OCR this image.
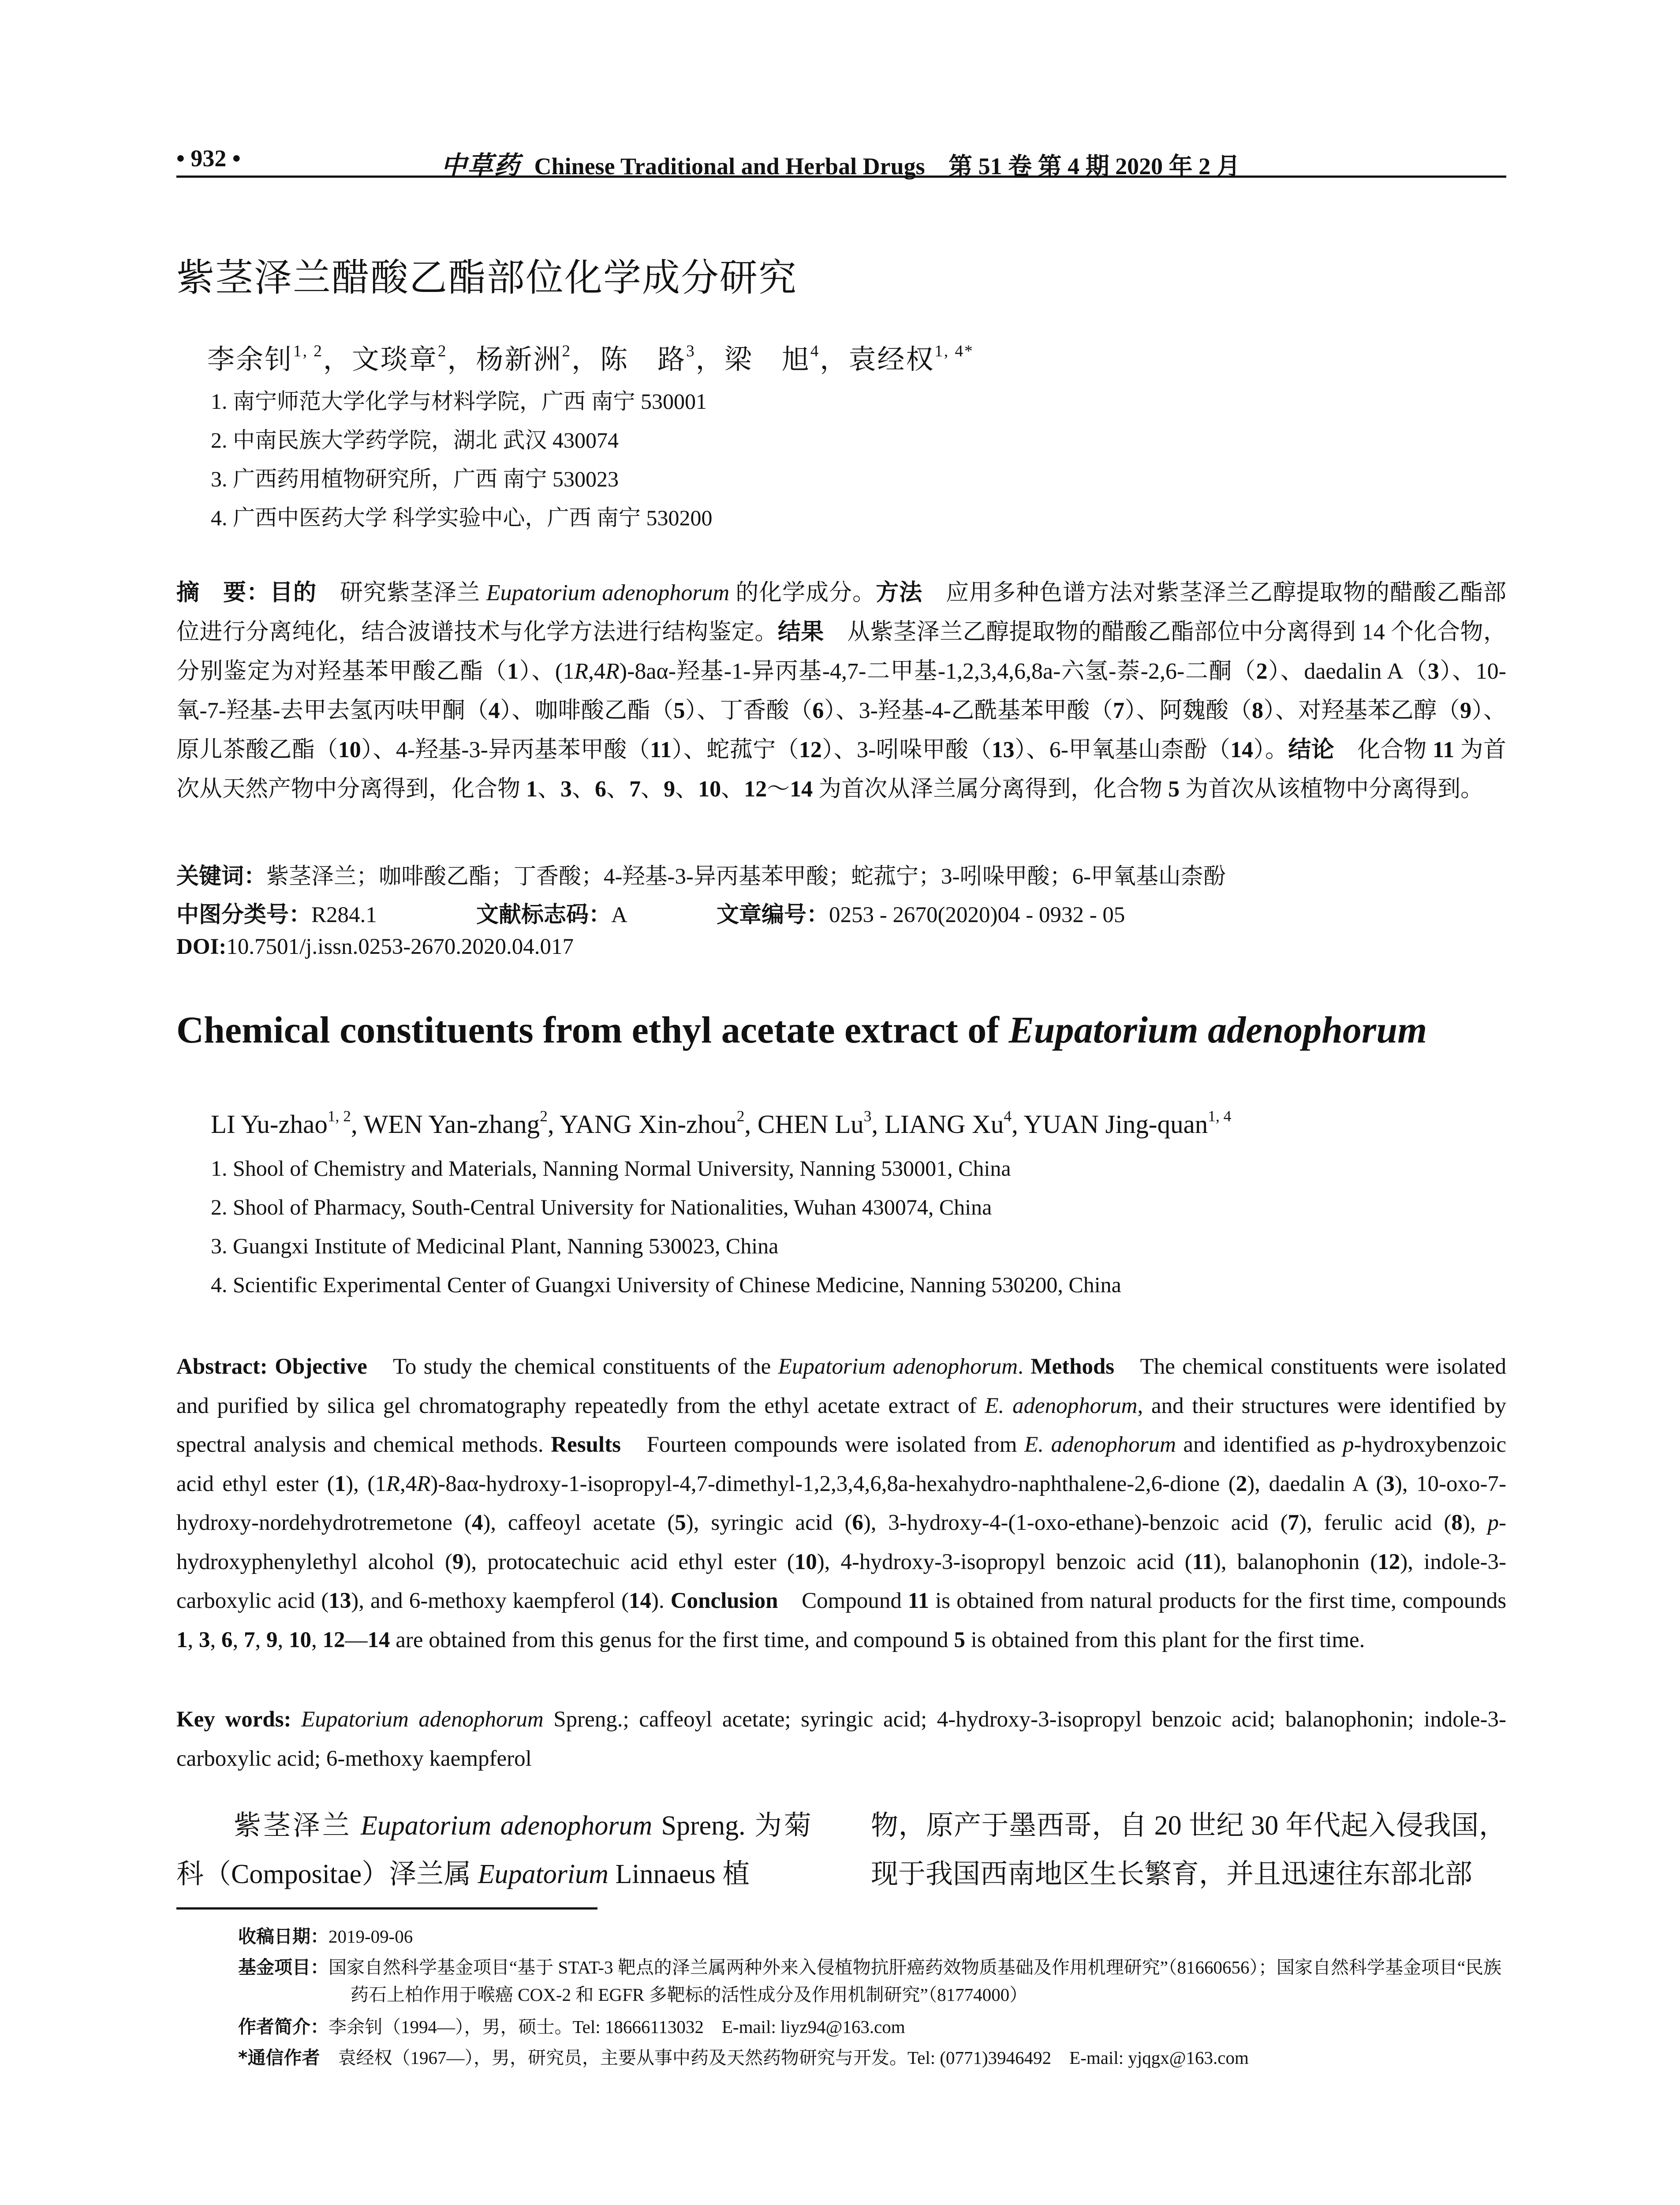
• 932 •	中草药 Chinese Traditional and Herbal Drugs 第 51 卷 第 4 期 2020 年 2 月
紫茎泽兰醋酸乙酯部位化学成分研究
李余钊$^{1, 2}$，文琰章$^2$，杨新洲$^2$，陈　路$^3$，梁　旭$^4$，袁经权$^{1, 4*}$
1. 南宁师范大学化学与材料学院，广西 南宁 530001
2. 中南民族大学药学院，湖北 武汉 430074
3. 广西药用植物研究所，广西 南宁 530023
4. 广西中医药大学 科学实验中心，广西 南宁 530200
摘　要：目的　研究紫茎泽兰 Eupatorium adenophorum 的化学成分。方法　应用多种色谱方法对紫茎泽兰乙醇提取物的醋酸乙酯部位进行分离纯化，结合波谱技术与化学方法进行结构鉴定。结果　从紫茎泽兰乙醇提取物的醋酸乙酯部位中分离得到 14 个化合物，分别鉴定为对羟基苯甲酸乙酯（1）、(1R,4R)-8aα-羟基-1-异丙基-4,7-二甲基-1,2,3,4,6,8a-六氢-萘-2,6-二酮（2）、daedalin A（3）、10-氧-7-羟基-去甲去氢丙呋甲酮（4）、咖啡酸乙酯（5）、丁香酸（6）、3-羟基-4-乙酰基苯甲酸（7）、阿魏酸（8）、对羟基苯乙醇（9）、原儿茶酸乙酯（10）、4-羟基-3-异丙基苯甲酸（11）、蛇菰宁（12）、3-吲哚甲酸（13）、6-甲氧基山柰酚（14）。结论　化合物 11 为首次从天然产物中分离得到，化合物 1、3、6、7、9、10、12～14 为首次从泽兰属分离得到，化合物 5 为首次从该植物中分离得到。
关键词：紫茎泽兰；咖啡酸乙酯；丁香酸；4-羟基-3-异丙基苯甲酸；蛇菰宁；3-吲哚甲酸；6-甲氧基山柰酚
中图分类号：R284.1	文献标志码：A	文章编号：0253 - 2670(2020)04 - 0932 - 05
DOI:10.7501/j.issn.0253-2670.2020.04.017
Chemical constituents from ethyl acetate extract of Eupatorium adenophorum
LI Yu-zhao$^{1, 2}$, WEN Yan-zhang$^2$, YANG Xin-zhou$^2$, CHEN Lu$^3$, LIANG Xu$^4$, YUAN Jing-quan$^{1, 4}$
1. Shool of Chemistry and Materials, Nanning Normal University, Nanning 530001, China
2. Shool of Pharmacy, South-Central University for Nationalities, Wuhan 430074, China
3. Guangxi Institute of Medicinal Plant, Nanning 530023, China
4. Scientific Experimental Center of Guangxi University of Chinese Medicine, Nanning 530200, China
Abstract: Objective　To study the chemical constituents of the Eupatorium adenophorum. Methods　The chemical constituents were isolated and purified by silica gel chromatography repeatedly from the ethyl acetate extract of E. adenophorum, and their structures were identified by spectral analysis and chemical methods. Results　Fourteen compounds were isolated from E. adenophorum and identified as p-hydroxybenzoic acid ethyl ester (1), (1R,4R)-8aα-hydroxy-1-isopropyl-4,7-dimethyl-1,2,3,4,6,8a-hexahydro-naphthalene-2,6-dione (2), daedalin A (3), 10-oxo-7-hydroxy-nordehydrotremetone (4), caffeoyl acetate (5), syringic acid (6), 3-hydroxy-4-(1-oxo-ethane)-benzoic acid (7), ferulic acid (8), p-hydroxyphenylethyl alcohol (9), protocatechuic acid ethyl ester (10), 4-hydroxy-3-isopropyl benzoic acid (11), balanophonin (12), indole-3-carboxylic acid (13), and 6-methoxy kaempferol (14). Conclusion　Compound 11 is obtained from natural products for the first time, compounds 1, 3, 6, 7, 9, 10, 12—14 are obtained from this genus for the first time, and compound 5 is obtained from this plant for the first time.
Key words: Eupatorium adenophorum Spreng.; caffeoyl acetate; syringic acid; 4-hydroxy-3-isopropyl benzoic acid; balanophonin; indole-3-carboxylic acid; 6-methoxy kaempferol
紫茎泽兰 Eupatorium adenophorum Spreng. 为菊科（Compositae）泽兰属 Eupatorium Linnaeus 植
物，原产于墨西哥，自 20 世纪 30 年代起入侵我国，现于我国西南地区生长繁育，并且迅速往东部北部
收稿日期：2019-09-06
基金项目：国家自然科学基金项目“基于 STAT-3 靶点的泽兰属两种外来入侵植物抗肝癌药效物质基础及作用机理研究”（81660656）；国家自然科学基金项目“民族药石上柏作用于喉癌 COX-2 和 EGFR 多靶标的活性成分及作用机制研究”（81774000）
作者简介：李余钊（1994—），男，硕士。Tel: 18666113032　E-mail: liyz94@163.com
*通信作者　袁经权（1967—），男，研究员，主要从事中药及天然药物研究与开发。Tel: (0771)3946492　E-mail: yjqgx@163.com
